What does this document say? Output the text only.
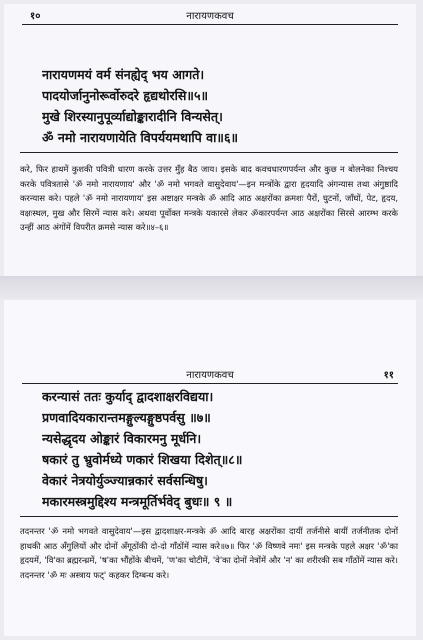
१०	नारायणकवच
नारायणमयं वर्म संनह्येद् भय आगते।
पादयोर्जानुनोरूर्वोरुदरे हृद्यथोरसि॥५॥
मुखे शिरस्यानुपूर्व्याद्योङ्कारादीनि विन्यसेत्।
ॐ नमो नारायणायेति विपर्ययमथापि वा॥६॥

करे, फिर हाथमें कुशकी पवित्री धारण करके उत्तर मुँह बैठ जाय। इसके बाद कवचधारणपर्यन्त और कुछ न बोलनेका निश्चय करके पवित्रतासे 'ॐ नमो नारायणाय' और 'ॐ नमो भगवते वासुदेवाय'—इन मन्त्रोंके द्वारा हृदयादि अंगन्यास तथा अंगुष्ठादि करन्यास करे। पहले 'ॐ नमो नारायणाय' इस अष्टाक्षर मन्त्रके ॐ आदि आठ अक्षरोंका क्रमशः पैरों, घुटनों, जाँघों, पेट, हृदय, वक्षःस्थल, मुख और सिरमें न्यास करे। अथवा पूर्वोक्त मन्त्रके यकारसे लेकर ॐकारपर्यन्त आठ अक्षरोंका सिरसे आरम्भ करके उन्हीं आठ अंगोंमें विपरीत क्रमसे न्यास करे॥४–६॥

नारायणकवच	११
करन्यासं ततः कुर्याद् द्वादशाक्षरविद्यया।
प्रणवादियकारान्तमङ्गुल्यङ्गुष्ठपर्वसु ॥७॥
न्यसेद्धृदय ओङ्कारं विकारमनु मूर्धनि।
षकारं तु भ्रुवोर्मध्ये णकारं शिखया दिशेत्॥८॥
वेकारं नेत्रयोर्युञ्ज्यान्नकारं सर्वसन्धिषु।
मकारमस्त्रमुद्दिश्य मन्त्रमूर्तिर्भवेद् बुधः॥ ९ ॥

तदनन्तर 'ॐ नमो भगवते वासुदेवाय'—इस द्वादशाक्षर-मन्त्रके ॐ आदि बारह अक्षरोंका दायीं तर्जनीसे बायीं तर्जनीतक दोनों हाथकी आठ अँगुलियों और दोनों अँगूठोंकी दो-दो गाँठोंमें न्यास करे॥७॥ फिर 'ॐ विष्णवे नमः' इस मन्त्रके पहले अक्षर 'ॐ'का हृदयमें, 'वि'का ब्रह्मरन्ध्रमें, 'ष'का भौंहोंके बीचमें, 'ण'का चोटीमें, 'वे'का दोनों नेत्रोंमें और 'न' का शरीरकी सब गाँठोंमें न्यास करे। तदनन्तर 'ॐ मः अस्त्राय फट्' कहकर दिग्बन्ध करे।
